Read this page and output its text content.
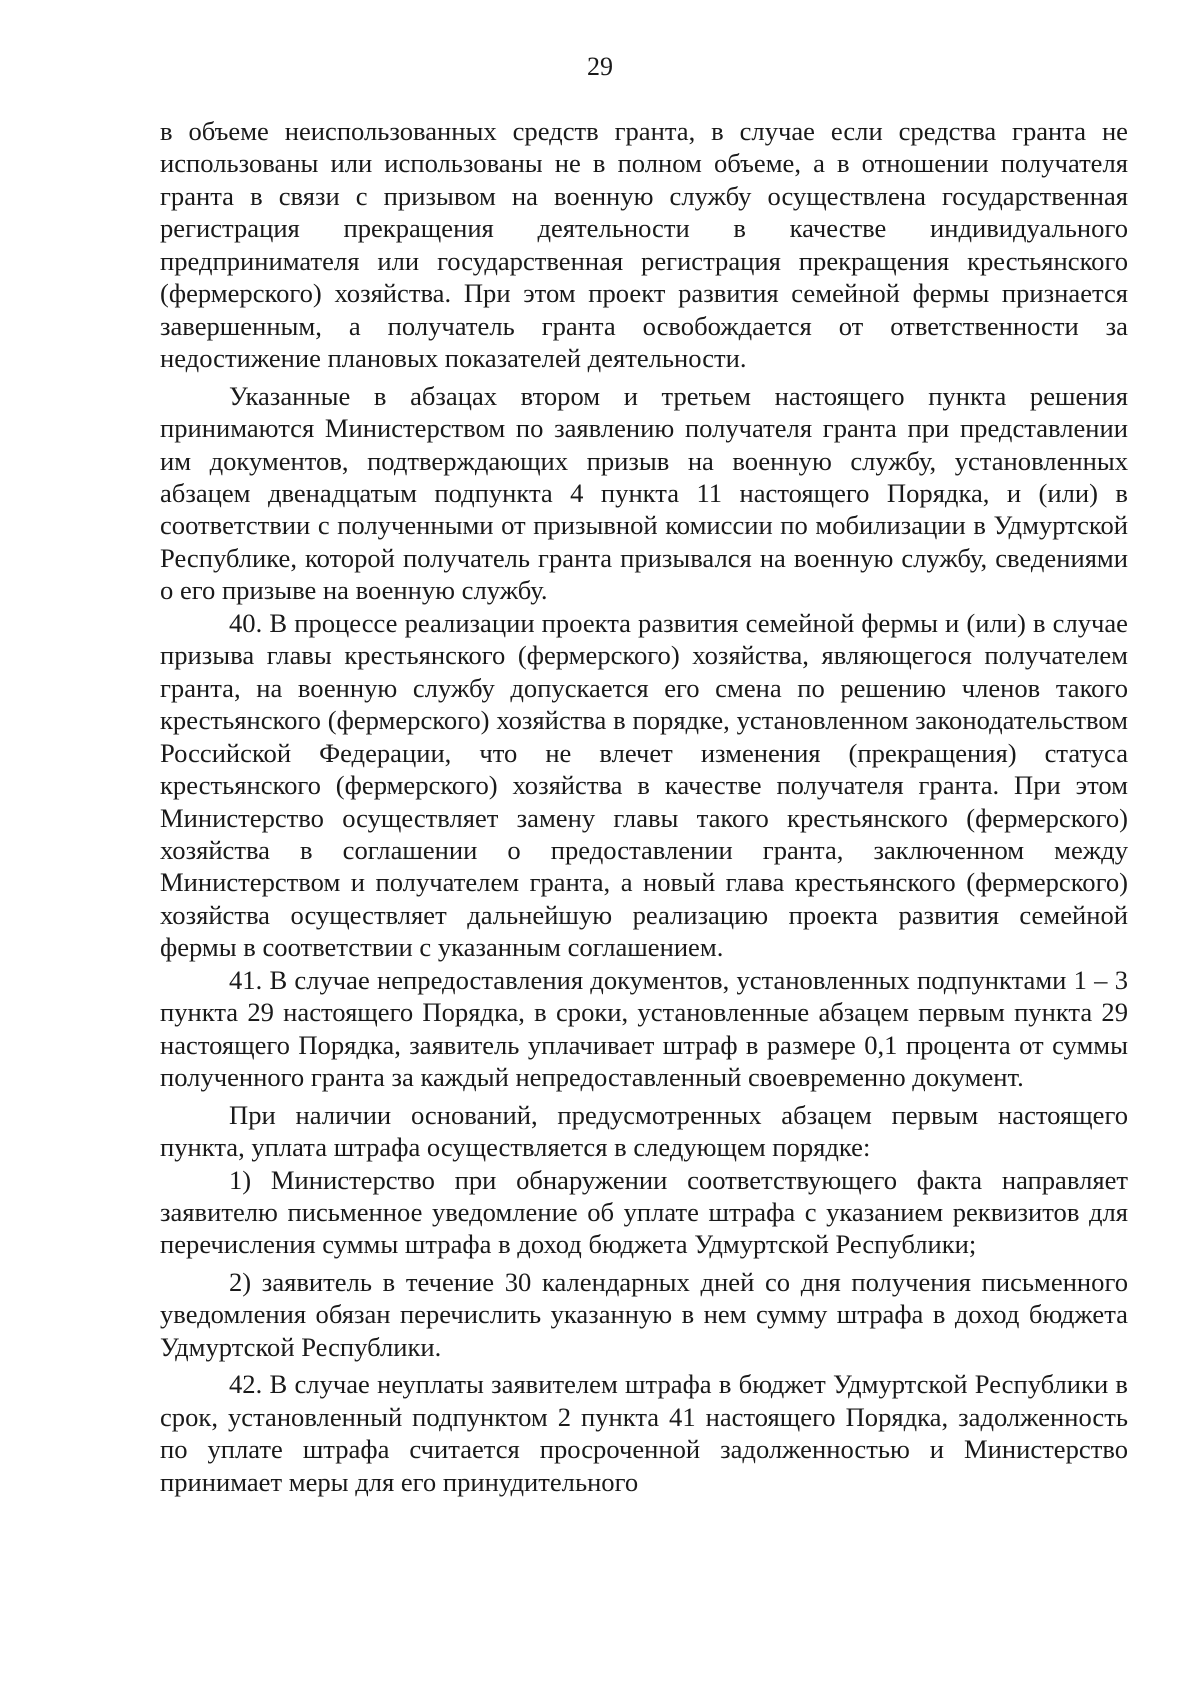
29

в объеме неиспользованных средств гранта, в случае если средства гранта не использованы или использованы не в полном объеме, а в отношении получателя гранта в связи с призывом на военную службу осуществлена государственная регистрация прекращения деятельности в качестве индивидуального предпринимателя или государственная регистрация прекращения крестьянского (фермерского) хозяйства. При этом проект развития семейной фермы признается завершенным, а получатель гранта освобождается от ответственности за недостижение плановых показателей деятельности.

Указанные в абзацах втором и третьем настоящего пункта решения принимаются Министерством по заявлению получателя гранта при представлении им документов, подтверждающих призыв на военную службу, установленных абзацем двенадцатым подпункта 4 пункта 11 настоящего Порядка, и (или) в соответствии с полученными от призывной комиссии по мобилизации в Удмуртской Республике, которой получатель гранта призывался на военную службу, сведениями о его призыве на военную службу.

40. В процессе реализации проекта развития семейной фермы и (или) в случае призыва главы крестьянского (фермерского) хозяйства, являющегося получателем гранта, на военную службу допускается его смена по решению членов такого крестьянского (фермерского) хозяйства в порядке, установленном законодательством Российской Федерации, что не влечет изменения (прекращения) статуса крестьянского (фермерского) хозяйства в качестве получателя гранта. При этом Министерство осуществляет замену главы такого крестьянского (фермерского) хозяйства в соглашении о предоставлении гранта, заключенном между Министерством и получателем гранта, а новый глава крестьянского (фермерского) хозяйства осуществляет дальнейшую реализацию проекта развития семейной фермы в соответствии с указанным соглашением.

41. В случае непредоставления документов, установленных подпунктами 1 – 3 пункта 29 настоящего Порядка, в сроки, установленные абзацем первым пункта 29 настоящего Порядка, заявитель уплачивает штраф в размере 0,1 процента от суммы полученного гранта за каждый непредоставленный своевременно документ.

При наличии оснований, предусмотренных абзацем первым настоящего пункта, уплата штрафа осуществляется в следующем порядке:

1) Министерство при обнаружении соответствующего факта направляет заявителю письменное уведомление об уплате штрафа с указанием реквизитов для перечисления суммы штрафа в доход бюджета Удмуртской Республики;

2) заявитель в течение 30 календарных дней со дня получения письменного уведомления обязан перечислить указанную в нем сумму штрафа в доход бюджета Удмуртской Республики.

42. В случае неуплаты заявителем штрафа в бюджет Удмуртской Республики в срок, установленный подпунктом 2 пункта 41 настоящего Порядка, задолженность по уплате штрафа считается просроченной задолженностью и Министерство принимает меры для его принудительного
